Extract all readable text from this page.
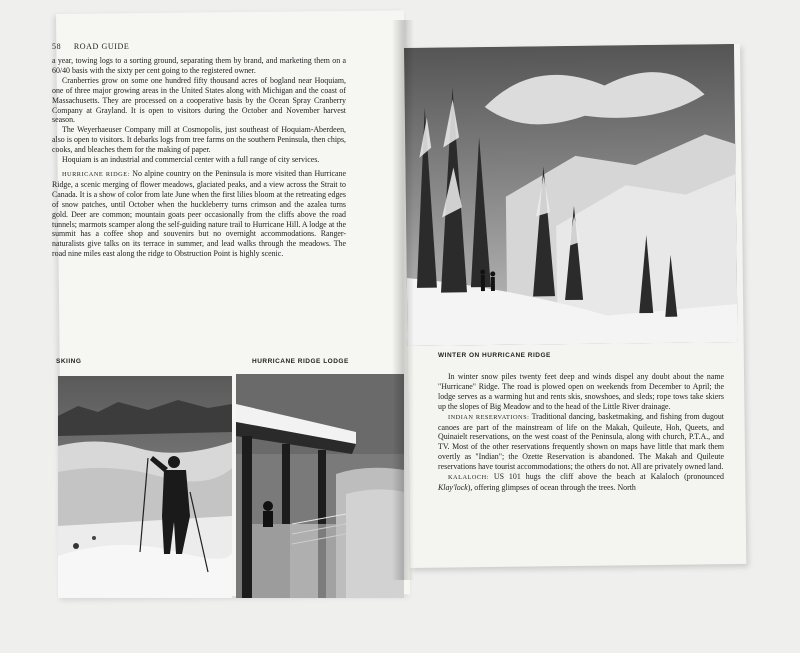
58 ROAD GUIDE

a year, towing logs to a sorting ground, separating them by brand, and marketing them on a 60/40 basis with the sixty per cent going to the registered owner.

Cranberries grow on some one hundred fifty thousand acres of bogland near Hoquiam, one of three major growing areas in the United States along with Michigan and the coast of Massachusetts. They are processed on a cooperative basis by the Ocean Spray Cranberry Company at Grayland. It is open to visitors during the October and November harvest season.

The Weyerhaeuser Company mill at Cosmopolis, just southeast of Hoquiam-Aberdeen, also is open to visitors. It debarks logs from tree farms on the southern Peninsula, then chips, cooks, and bleaches them for the making of paper.

Hoquiam is an industrial and commercial center with a full range of city services.

HURRICANE RIDGE: No alpine country on the Peninsula is more visited than Hurricane Ridge, a scenic merging of flower meadows, glaciated peaks, and a view across the Strait to Canada. It is a show of color from late June when the first lilies bloom at the retreating edges of snow patches, until October when the huckleberry turns crimson and the azalea turns gold. Deer are common; mountain goats peer occasionally from the cliffs above the road tunnels; marmots scamper along the self-guiding nature trail to Hurricane Hill. A lodge at the summit has a coffee shop and souvenirs but no overnight accommodations. Ranger-naturalists give talks on its terrace in summer, and lead walks through the meadows. The road nine miles east along the ridge to Obstruction Point is highly scenic.

SKIING	HURRICANE RIDGE LODGE
WINTER ON HURRICANE RIDGE

In winter snow piles twenty feet deep and winds dispel any doubt about the name "Hurricane" Ridge. The road is plowed open on weekends from December to April; the lodge serves as a warming hut and rents skis, snowshoes, and sleds; rope tows take skiers up the slopes of Big Meadow and to the head of the Little River drainage.

INDIAN RESERVATIONS: Traditional dancing, basketmaking, and fishing from dugout canoes are part of the mainstream of life on the Makah, Quileute, Hoh, Queets, and Quinaielt reservations, on the west coast of the Peninsula, along with church, P.T.A., and TV. Most of the other reservations frequently shown on maps have little that mark them overtly as "Indian"; the Ozette Reservation is abandoned. The Makah and Quileute reservations have tourist accommodations; the others do not. All are privately owned land.

KALALOCH: US 101 hugs the cliff above the beach at Kalaloch (pronounced Klay'lock), offering glimpses of ocean through the trees. North
